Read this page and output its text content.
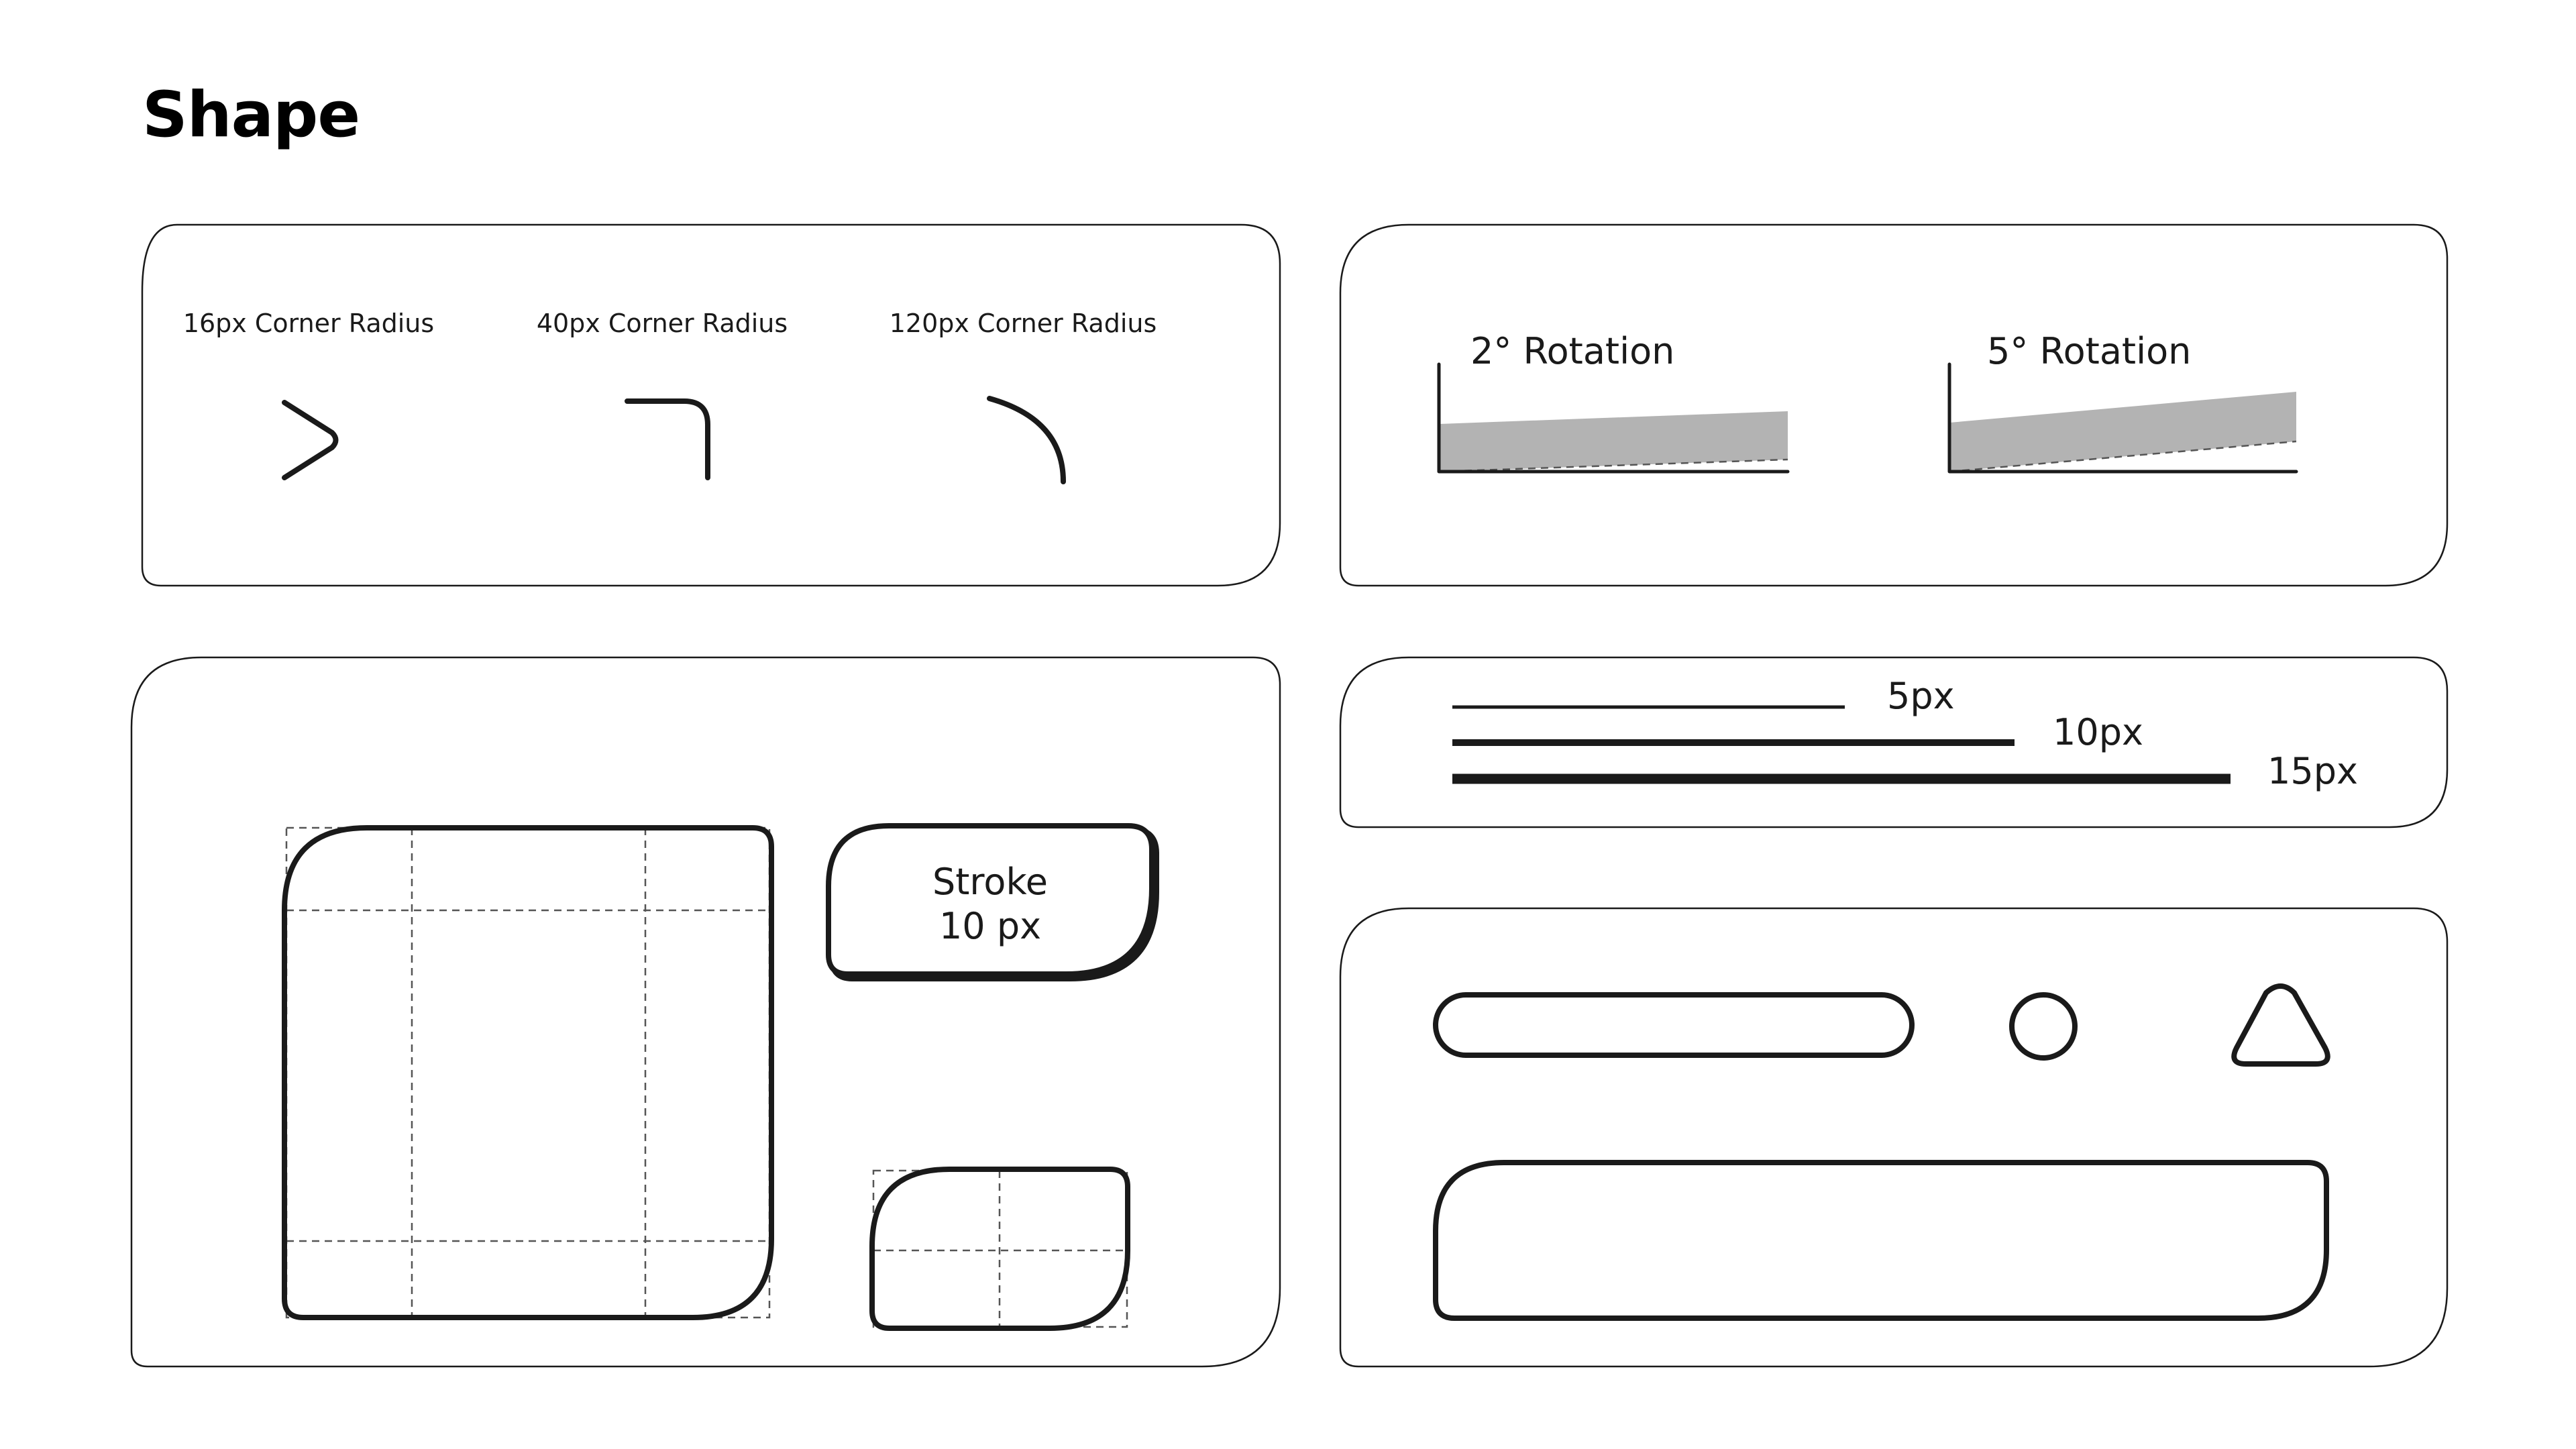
Shape
16px Corner Radius	40px Corner Radius	120px Corner Radius
2° Rotation	5° Rotation
Stroke
10 px
5px
10px
15px
